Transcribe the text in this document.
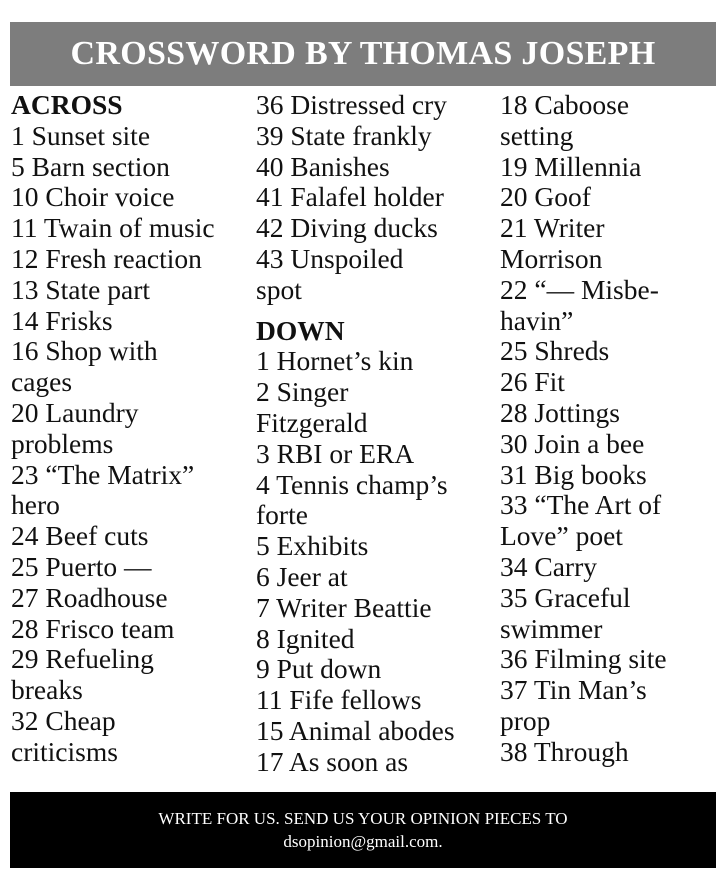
CROSSWORD BY THOMAS JOSEPH
ACROSS
1 Sunset site
5 Barn section
10 Choir voice
11 Twain of music
12 Fresh reaction
13 State part
14 Frisks
16 Shop with
cages
20 Laundry
problems
23 “The Matrix”
hero
24 Beef cuts
25 Puerto —
27 Roadhouse
28 Frisco team
29 Refueling
breaks
32 Cheap
criticisms
36 Distressed cry
39 State frankly
40 Banishes
41 Falafel holder
42 Diving ducks
43 Unspoiled
spot
DOWN
1 Hornet’s kin
2 Singer
Fitzgerald
3 RBI or ERA
4 Tennis champ’s
forte
5 Exhibits
6 Jeer at
7 Writer Beattie
8 Ignited
9 Put down
11 Fife fellows
15 Animal abodes
17 As soon as
18 Caboose
setting
19 Millennia
20 Goof
21 Writer
Morrison
22 “— Misbe-
havin”
25 Shreds
26 Fit
28 Jottings
30 Join a bee
31 Big books
33 “The Art of
Love” poet
34 Carry
35 Graceful
swimmer
36 Filming site
37 Tin Man’s
prop
38 Through
WRITE FOR US. SEND US YOUR OPINION PIECES TO
dsopinion@gmail.com.
